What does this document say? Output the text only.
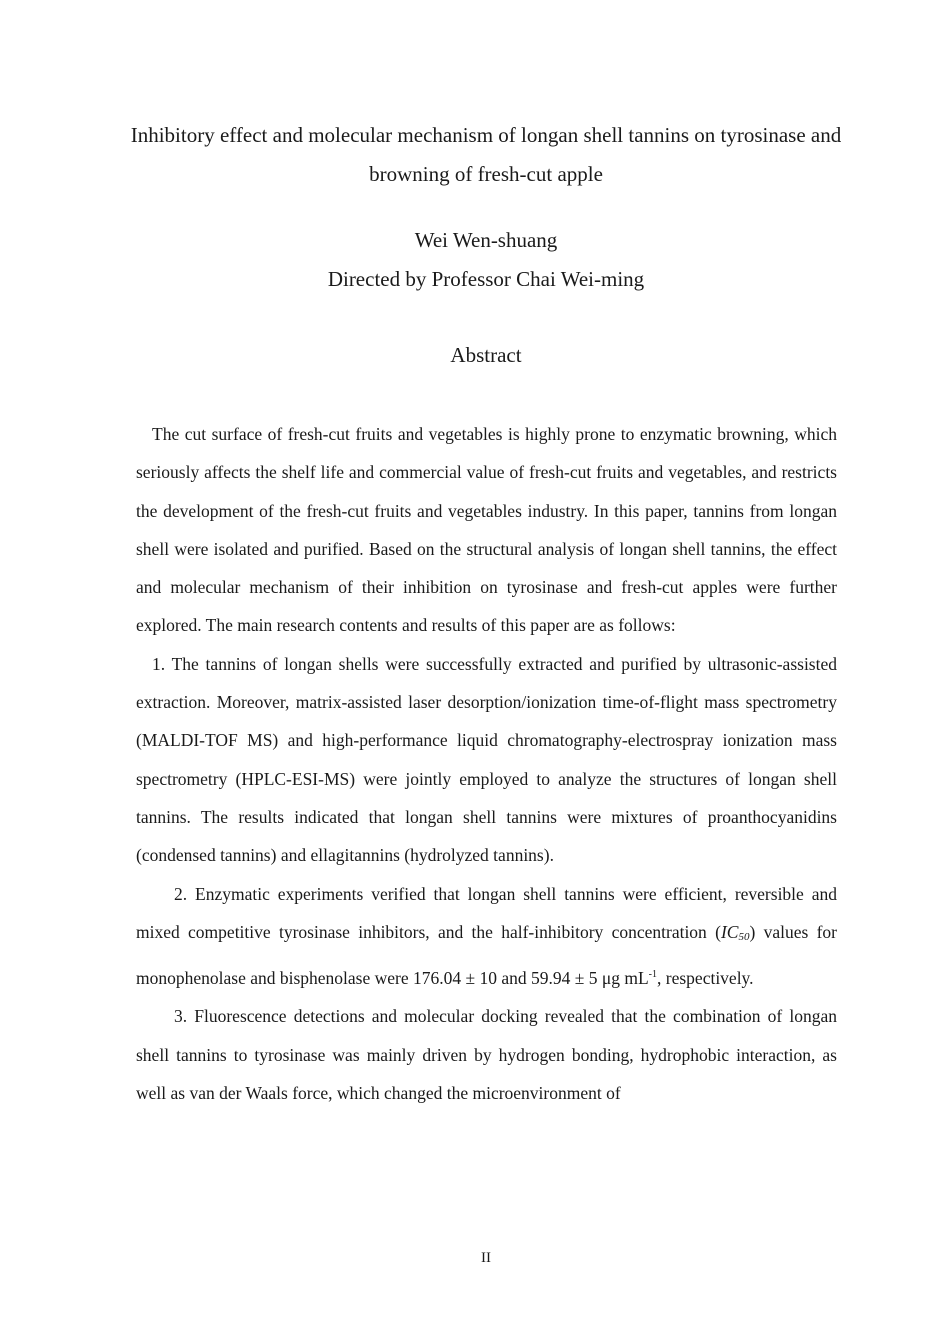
Inhibitory effect and molecular mechanism of longan shell tannins on tyrosinase and browning of fresh-cut apple

Wei Wen-shuang

Directed by Professor Chai Wei-ming

Abstract

The cut surface of fresh-cut fruits and vegetables is highly prone to enzymatic browning, which seriously affects the shelf life and commercial value of fresh-cut fruits and vegetables, and restricts the development of the fresh-cut fruits and vegetables industry. In this paper, tannins from longan shell were isolated and purified. Based on the structural analysis of longan shell tannins, the effect and molecular mechanism of their inhibition on tyrosinase and fresh-cut apples were further explored. The main research contents and results of this paper are as follows:

1. The tannins of longan shells were successfully extracted and purified by ultrasonic-assisted extraction. Moreover, matrix-assisted laser desorption/ionization time-of-flight mass spectrometry (MALDI-TOF MS) and high-performance liquid chromatography-electrospray ionization mass spectrometry (HPLC-ESI-MS) were jointly employed to analyze the structures of longan shell tannins. The results indicated that longan shell tannins were mixtures of proanthocyanidins (condensed tannins) and ellagitannins (hydrolyzed tannins).

2. Enzymatic experiments verified that longan shell tannins were efficient, reversible and mixed competitive tyrosinase inhibitors, and the half-inhibitory concentration $(IC_{50})$ values for monophenolase and bisphenolase were 176.04 ± 10 and 59.94 ± 5 μg $mL^{-1}$, respectively.

3. Fluorescence detections and molecular docking revealed that the combination of longan shell tannins to tyrosinase was mainly driven by hydrogen bonding, hydrophobic interaction, as well as van der Waals force, which changed the microenvironment of

II
